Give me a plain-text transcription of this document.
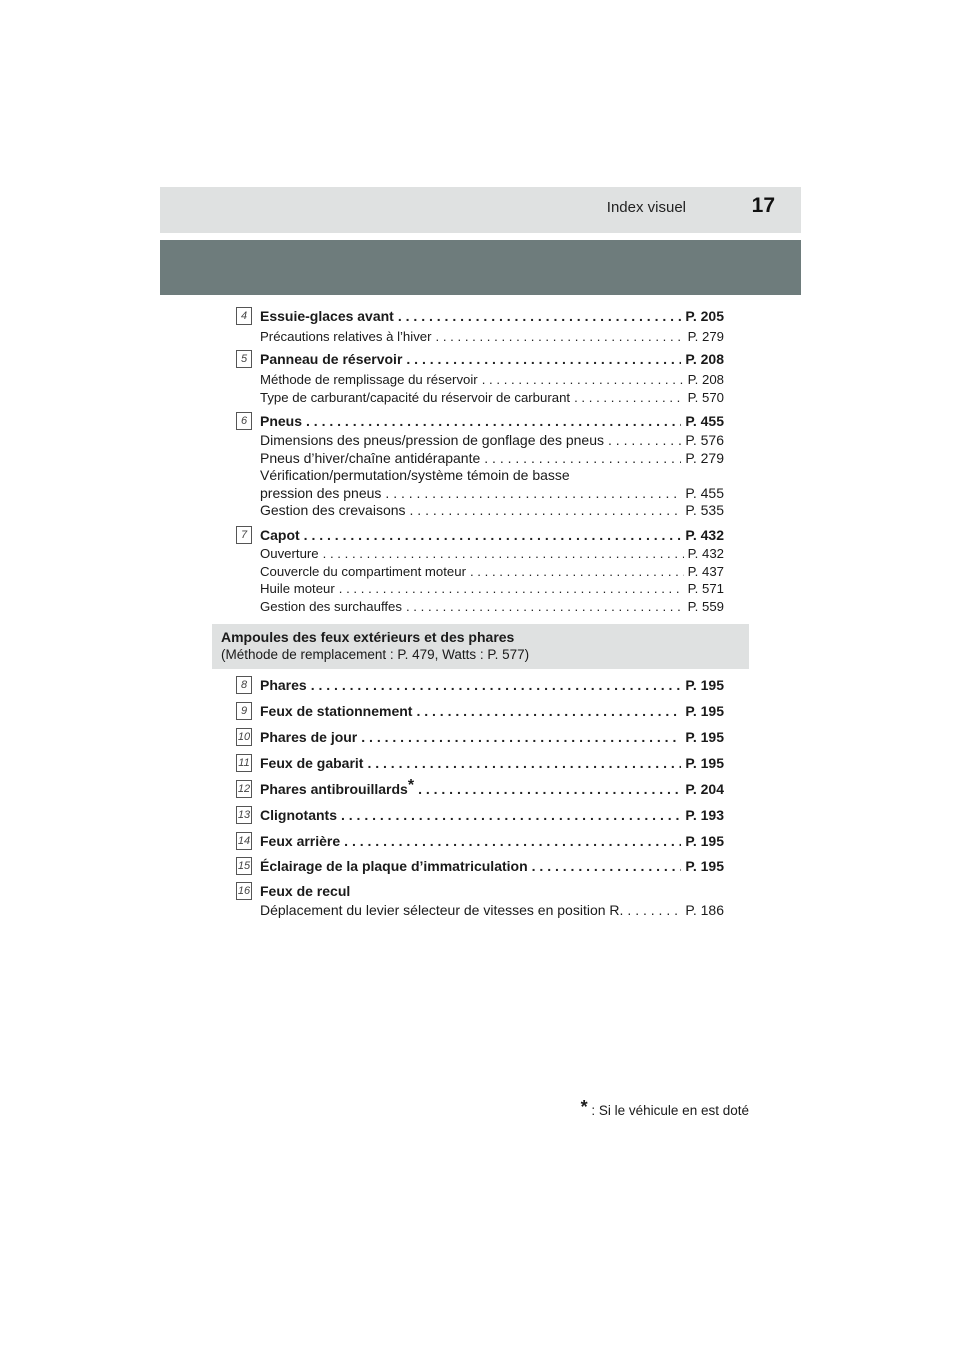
Index visuel	17
4 Essuie-glaces avant . . .	P. 205
Précautions relatives à l’hiver . . .	P. 279
5 Panneau de réservoir . . .	P. 208
Méthode de remplissage du réservoir . . .	P. 208
Type de carburant/capacité du réservoir de carburant . . .	P. 570
6 Pneus . . .	P. 455
Dimensions des pneus/pression de gonflage des pneus . . .	P. 576
Pneus d’hiver/chaîne antidérapante . . .	P. 279
Vérification/permutation/système témoin de basse
pression des pneus . . .	P. 455
Gestion des crevaisons . . .	P. 535
7 Capot . . .	P. 432
Ouverture . . .	P. 432
Couvercle du compartiment moteur . . .	P. 437
Huile moteur . . .	P. 571
Gestion des surchauffes . . .	P. 559
Ampoules des feux extérieurs et des phares
(Méthode de remplacement : P. 479, Watts : P. 577)
8 Phares . . .	P. 195
9 Feux de stationnement . . .	P. 195
10 Phares de jour . . .	P. 195
11 Feux de gabarit . . .	P. 195
12 Phares antibrouillards* . . .	P. 204
13 Clignotants . . .	P. 193
14 Feux arrière . . .	P. 195
15 Éclairage de la plaque d’immatriculation . . .	P. 195
16 Feux de recul
Déplacement du levier sélecteur de vitesses en position R. . . .	P. 186
* : Si le véhicule en est doté
